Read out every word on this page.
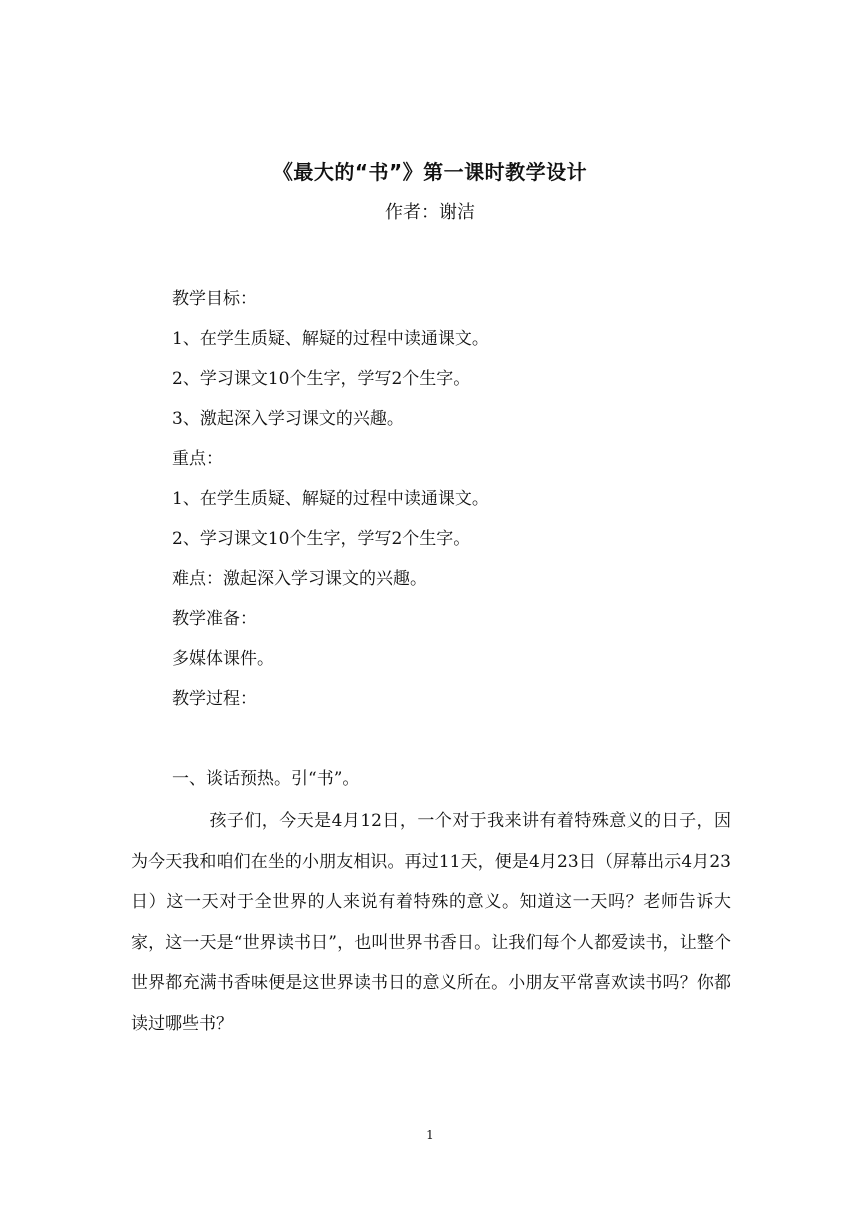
《最大的“书”》第一课时教学设计
作者：谢洁
教学目标：
1、在学生质疑、解疑的过程中读通课文。
2、学习课文10个生字，学写2个生字。
3、激起深入学习课文的兴趣。
重点：
1、在学生质疑、解疑的过程中读通课文。
2、学习课文10个生字，学写2个生字。
难点：激起深入学习课文的兴趣。
教学准备：
多媒体课件。
教学过程：
一、谈话预热。引“书”。
孩子们，今天是4月12日，一个对于我来讲有着特殊意义的日子，因为今天我和咱们在坐的小朋友相识。再过11天，便是4月23日（屏幕出示4月23日）这一天对于全世界的人来说有着特殊的意义。知道这一天吗？老师告诉大家，这一天是“世界读书日”，也叫世界书香日。让我们每个人都爱读书，让整个世界都充满书香味便是这世界读书日的意义所在。小朋友平常喜欢读书吗？你都读过哪些书？
1
